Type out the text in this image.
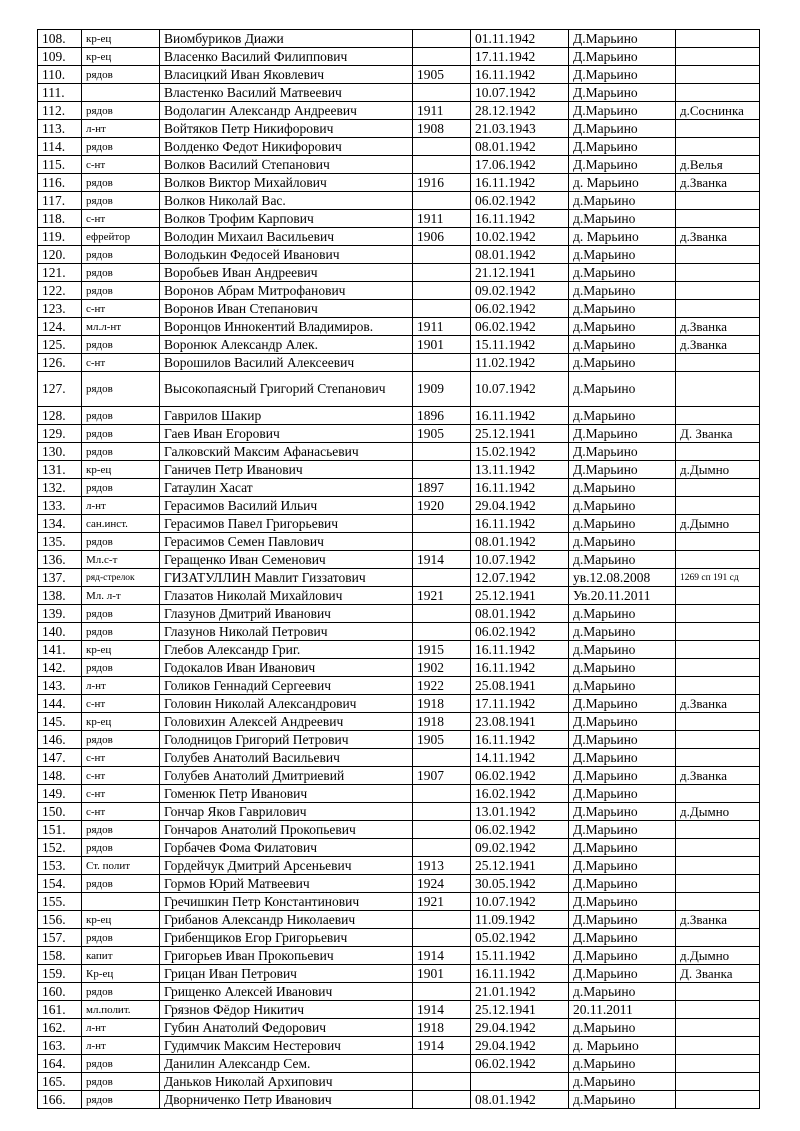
108.	кр-ец	Виомбуриков Диажи		01.11.1942	Д.Марьино	
109.	кр-ец	Власенко Василий Филиппович		17.11.1942	Д.Марьино	
110.	рядов	Власицкий Иван Яковлевич	1905	16.11.1942	Д.Марьино	
111.		Властенко Василий Матвеевич		10.07.1942	Д.Марьино	
112.	рядов	Водолагин Александр Андреевич	1911	28.12.1942	Д.Марьино	д.Соснинка
113.	л-нт	Войтяков Петр Никифорович	1908	21.03.1943	Д.Марьино	
114.	рядов	Волденко Федот Никифорович		08.01.1942	Д.Марьино	
115.	с-нт	Волков Василий Степанович		17.06.1942	Д.Марьино	д.Велья
116.	рядов	Волков Виктор Михайлович	1916	16.11.1942	д. Марьино	д.Званка
117.	рядов	Волков Николай Вас.		06.02.1942	д.Марьино	
118.	с-нт	Волков Трофим Карпович	1911	16.11.1942	д.Марьино	
119.	ефрейтор	Володин Михаил Васильевич	1906	10.02.1942	д. Марьино	д.Званка
120.	рядов	Володькин Федосей Иванович		08.01.1942	д.Марьино	
121.	рядов	Воробьев Иван Андреевич		21.12.1941	д.Марьино	
122.	рядов	Воронов Абрам Митрофанович		09.02.1942	д.Марьино	
123.	с-нт	Воронов Иван Степанович		06.02.1942	д.Марьино	
124.	мл.л-нт	Воронцов Иннокентий Владимиров.	1911	06.02.1942	д.Марьино	д.Званка
125.	рядов	Воронюк Александр Алек.	1901	15.11.1942	д.Марьино	д.Званка
126.	с-нт	Ворошилов Василий Алексеевич		11.02.1942	д.Марьино	
127.	рядов	Высокопаясный Григорий Степанович	1909	10.07.1942	д.Марьино	
128.	рядов	Гаврилов Шакир	1896	16.11.1942	д.Марьино	
129.	рядов	Гаев Иван Егорович	1905	25.12.1941	Д.Марьино	Д. Званка
130.	рядов	Галковский Максим Афанасьевич		15.02.1942	Д.Марьино	
131.	кр-ец	Ганичев Петр Иванович		13.11.1942	Д.Марьино	д.Дымно
132.	рядов	Гатаулин Хасат	1897	16.11.1942	д.Марьино	
133.	л-нт	Герасимов Василий Ильич	1920	29.04.1942	д.Марьино	
134.	сан.инст.	Герасимов Павел Григорьевич		16.11.1942	д.Марьино	д.Дымно
135.	рядов	Герасимов Семен Павлович		08.01.1942	д.Марьино	
136.	Мл.с-т	Геращенко Иван Семенович	1914	10.07.1942	д.Марьино	
137.	ряд-стрелок	ГИЗАТУЛЛИН Мавлит Гиззатович		12.07.1942	ув.12.08.2008	1269 сп 191 сд
138.	Мл. л-т	Глазатов Николай Михайлович	1921	25.12.1941	Ув.20.11.2011	
139.	рядов	Глазунов Дмитрий Иванович		08.01.1942	д.Марьино	
140.	рядов	Глазунов Николай Петрович		06.02.1942	д.Марьино	
141.	кр-ец	Глебов Александр Григ.	1915	16.11.1942	д.Марьино	
142.	рядов	Годокалов Иван Иванович	1902	16.11.1942	д.Марьино	
143.	л-нт	Голиков Геннадий Сергеевич	1922	25.08.1941	д.Марьино	
144.	с-нт	Головин Николай Александрович	1918	17.11.1942	Д.Марьино	д.Званка
145.	кр-ец	Головихин Алексей Андреевич	1918	23.08.1941	Д.Марьино	
146.	рядов	Голодницов Григорий Петрович	1905	16.11.1942	Д.Марьино	
147.	с-нт	Голубев Анатолий Васильевич		14.11.1942	Д.Марьино	
148.	с-нт	Голубев Анатолий Дмитриевий	1907	06.02.1942	Д.Марьино	д.Званка
149.	с-нт	Гоменюк Петр Иванович		16.02.1942	Д.Марьино	
150.	с-нт	Гончар Яков Гаврилович		13.01.1942	Д.Марьино	д.Дымно
151.	рядов	Гончаров Анатолий Прокопьевич		06.02.1942	Д.Марьино	
152.	рядов	Горбачев Фома Филатович		09.02.1942	Д.Марьино	
153.	Ст. полит	Гордейчук Дмитрий Арсеньевич	1913	25.12.1941	Д.Марьино	
154.	рядов	Гормов Юрий Матвеевич	1924	30.05.1942	Д.Марьино	
155.		Гречишкин Петр Константинович	1921	10.07.1942	Д.Марьино	
156.	кр-ец	Грибанов Александр Николаевич		11.09.1942	Д.Марьино	д.Званка
157.	рядов	Грибенщиков Егор Григорьевич		05.02.1942	Д.Марьино	
158.	капит	Григорьев Иван Прокопьевич	1914	15.11.1942	Д.Марьино	д.Дымно
159.	Кр-ец	Грицан Иван Петрович	1901	16.11.1942	Д.Марьино	Д. Званка
160.	рядов	Грищенко Алексей Иванович		21.01.1942	д.Марьино	
161.	мл.полит.	Грязнов Фёдор Никитич	1914	25.12.1941	20.11.2011	
162.	л-нт	Губин Анатолий Федорович	1918	29.04.1942	д.Марьино	
163.	л-нт	Гудимчик Максим Нестерович	1914	29.04.1942	д. Марьино	
164.	рядов	Данилин Александр Сем.		06.02.1942	д.Марьино	
165.	рядов	Даньков Николай Архипович			д.Марьино	
166.	рядов	Дворниченко Петр Иванович		08.01.1942	д.Марьино	
